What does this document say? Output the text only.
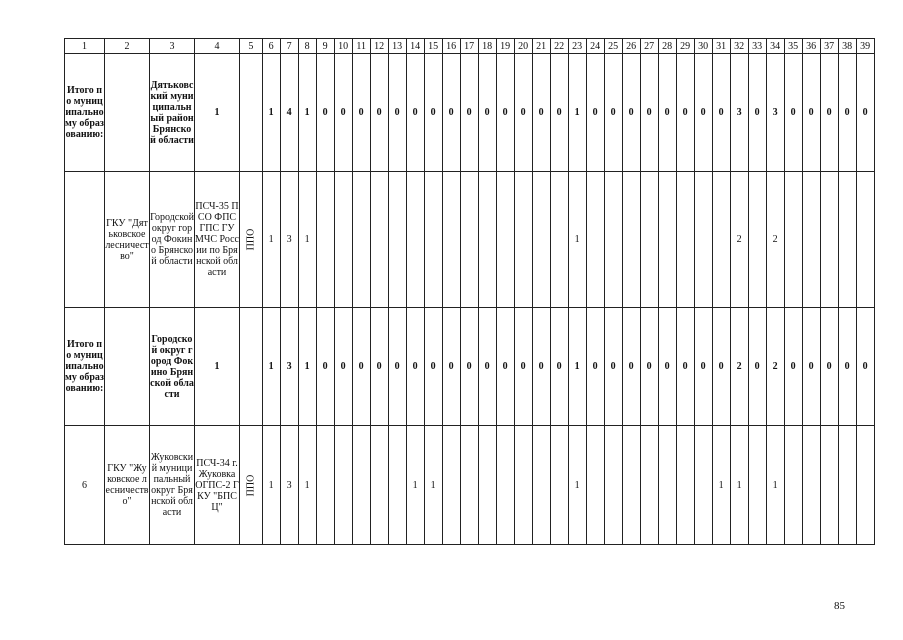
1	2	3	4	5	6	7	8	9	10	11	12	13	14	15	16	17	18	19	20	21	22	23	24	25	26	27	28	29	30	31	32	33	34	35	36	37	38	39
Итого по муниципальному образованию:		Дятьковский муниципальный район Брянской области	1		1	4	1	0	0	0	0	0	0	0	0	0	0	0	0	0	0	1	0	0	0	0	0	0	0	0	3	0	3	0	0	0	0	0
	ГКУ "Дятьковское лесничество"	Городской округ город Фокино Брянской области	ПСЧ-35 ПСО ФПС ГПС ГУ МЧС России по Брянской области	ППО	1	3	1															1									2		2					
Итого по муниципальному образованию:		Городской округ город Фокино Брянской области	1		1	3	1	0	0	0	0	0	0	0	0	0	0	0	0	0	0	1	0	0	0	0	0	0	0	0	2	0	2	0	0	0	0	0
6	ГКУ "Жуковское лесничество"	Жуковский муниципальный округ Брянской области	ПСЧ-34 г. Жуковка ОГПС-2 ГКУ "БПСЦ"	ППО	1	3	1						1	1								1								1	1		1					
85
